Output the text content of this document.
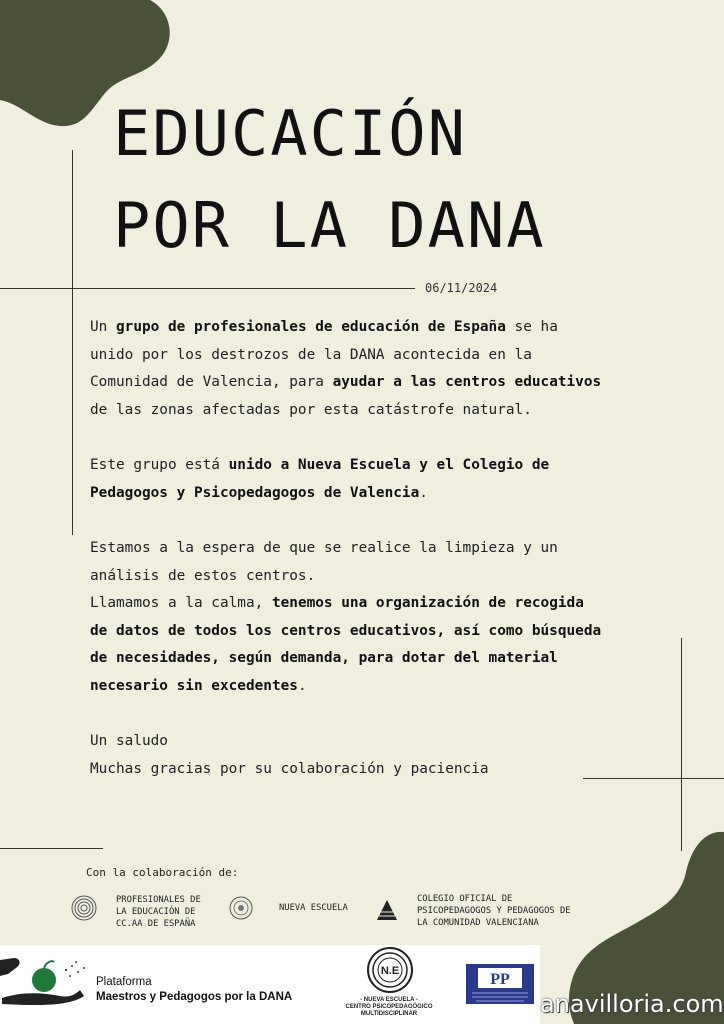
EDUCACIÓN
POR LA DANA
06/11/2024

Un grupo de profesionales de educación de España se ha
unido por los destrozos de la DANA acontecida en la
Comunidad de Valencia, para ayudar a las centros educativos
de las zonas afectadas por esta catástrofe natural.

Este grupo está unido a Nueva Escuela y el Colegio de
Pedagogos y Psicopedagogos de Valencia.

Estamos a la espera de que se realice la limpieza y un
análisis de estos centros.
Llamamos a la calma, tenemos una organización de recogida
de datos de todos los centros educativos, así como búsqueda
de necesidades, según demanda, para dotar del material
necesario sin excedentes.

Un saludo
Muchas gracias por su colaboración y paciencia

Con la colaboración de:
PROFESIONALES DE
LA EDUCACIÓN DE
CC.AA DE ESPAÑA
NUEVA ESCUELA
COLEGIO OFICIAL DE
PSICOPEDAGOGOS Y PEDAGOGOS DE
LA COMUNIDAD VALENCIANA
Plataforma
Maestros y Pedagogos por la DANA
N.E
- NUEVA ESCUELA -
CENTRO PSICOPEDAGÓGICO
MULTIDISCIPLINAR
PP
anavilloria.com
